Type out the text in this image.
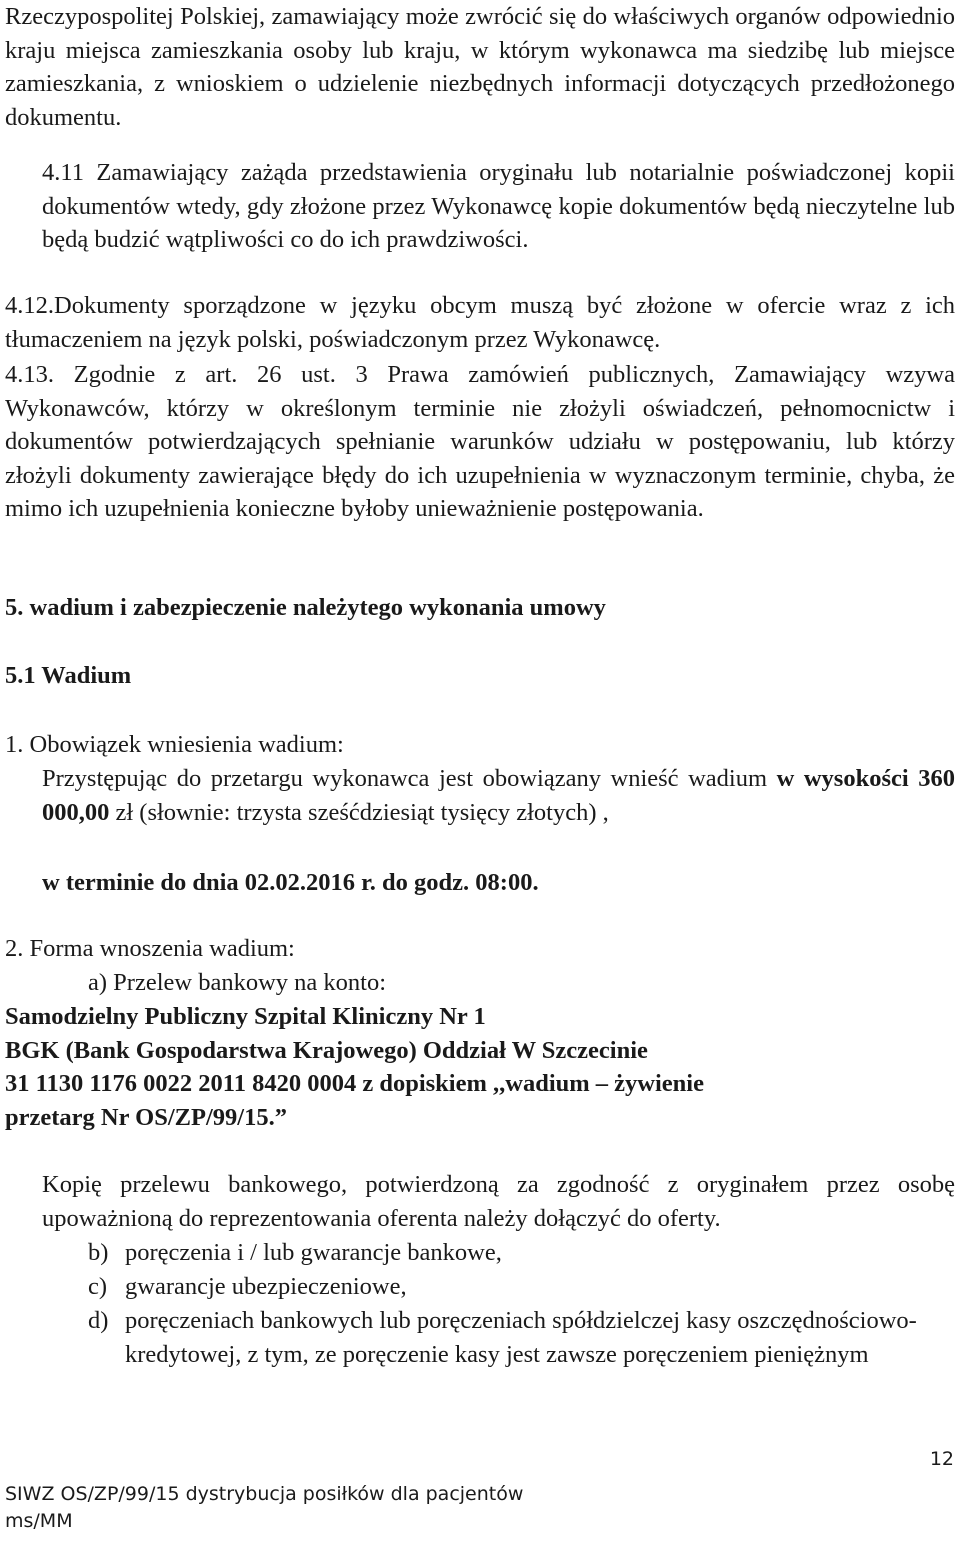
Rzeczypospolitej Polskiej, zamawiający może zwrócić się do właściwych organów odpowiednio kraju miejsca zamieszkania osoby lub kraju, w którym wykonawca ma siedzibę lub miejsce zamieszkania, z wnioskiem o udzielenie niezbędnych informacji dotyczących przedłożonego dokumentu.

4.11 Zamawiający zażąda przedstawienia oryginału lub notarialnie poświadczonej kopii dokumentów wtedy, gdy złożone przez Wykonawcę kopie dokumentów będą nieczytelne lub będą budzić wątpliwości co do ich prawdziwości.

4.12.Dokumenty sporządzone w języku obcym muszą być złożone w ofercie wraz z ich tłumaczeniem na język polski, poświadczonym przez Wykonawcę.

4.13. Zgodnie z art. 26 ust. 3 Prawa zamówień publicznych, Zamawiający wzywa Wykonawców, którzy w określonym terminie nie złożyli oświadczeń, pełnomocnictw i dokumentów potwierdzających spełnianie warunków udziału w postępowaniu, lub którzy złożyli dokumenty zawierające błędy do ich uzupełnienia w wyznaczonym terminie, chyba, że mimo ich uzupełnienia konieczne byłoby unieważnienie postępowania.

5. wadium i zabezpieczenie należytego wykonania umowy
5.1 Wadium
1. Obowiązek wniesienia wadium:

Przystępując do przetargu wykonawca jest obowiązany wnieść wadium w wysokości 360 000,00 zł (słownie: trzysta sześćdziesiąt tysięcy złotych) ,

w terminie do dnia 02.02.2016 r. do godz. 08:00.
2. Forma wnoszenia wadium:
a) Przelew bankowy na konto:
Samodzielny Publiczny Szpital Kliniczny Nr 1
BGK (Bank Gospodarstwa Krajowego) Oddział W Szczecinie
31 1130 1176 0022 2011 8420 0004 z dopiskiem ,,wadium – żywienie
przetarg Nr OS/ZP/99/15.”

Kopię przelewu bankowego, potwierdzoną za zgodność z oryginałem przez osobę upoważnioną do reprezentowania oferenta należy dołączyć do oferty.

b) poręczenia i / lub gwarancje bankowe,
c) gwarancje ubezpieczeniowe,
d) poręczeniach bankowych lub poręczeniach spółdzielczej kasy oszczędnościowo-kredytowej, z tym, ze poręczenie kasy jest zawsze poręczeniem pieniężnym
12
SIWZ OS/ZP/99/15 dystrybucja posiłków dla pacjentów
ms/MM
